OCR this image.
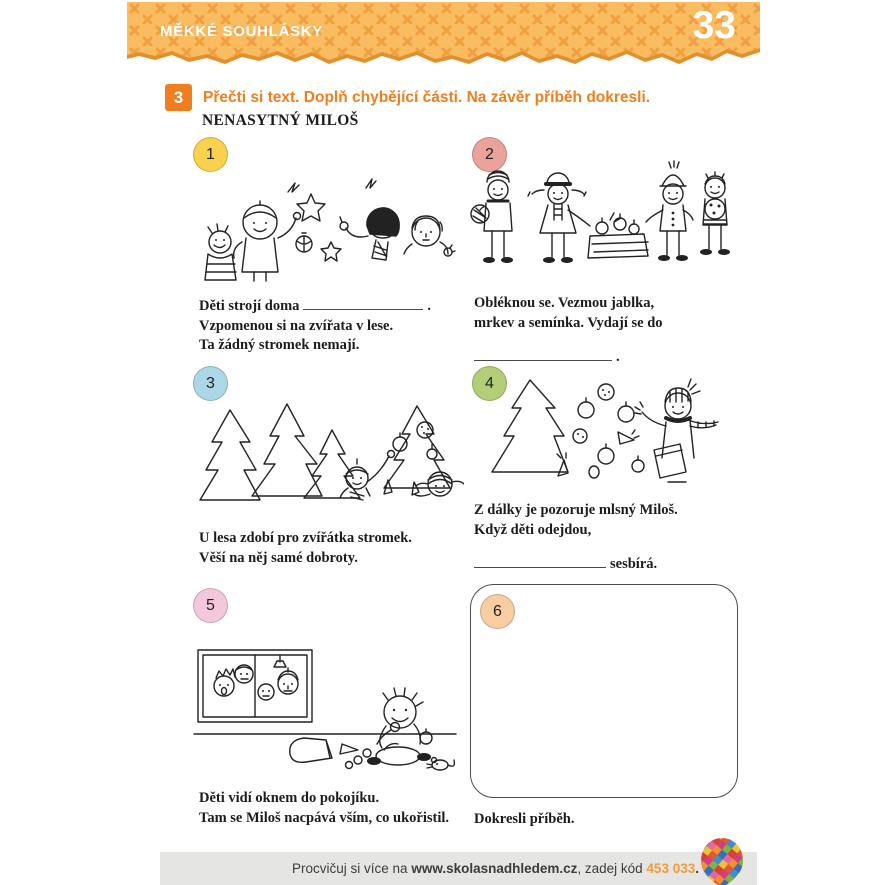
MĚKKÉ SOUHLÁSKY	33
3	Přečti si text. Doplň chybějící části. Na závěr příběh dokresli.
NENASYTNÝ MILOŠ
1	2
3	4
5
Děti strojí doma	.
Vzpomenou si na zvířata v lese.
Ta žádný stromek nemají.
Obléknou se. Vezmou jablka,
mrkev a semínka. Vydají se do
.
U lesa zdobí pro zvířátka stromek.
Věší na něj samé dobroty.
Z dálky je pozoruje mlsný Miloš.
Když děti odejdou,
sesbírá.
Děti vidí oknem do pokojíku.
Tam se Miloš nacpává vším, co ukořistil.
6
Dokresli příběh.
Procvičuj si více na www.skolasnadhledem.cz , zadej kód 453 033 .
